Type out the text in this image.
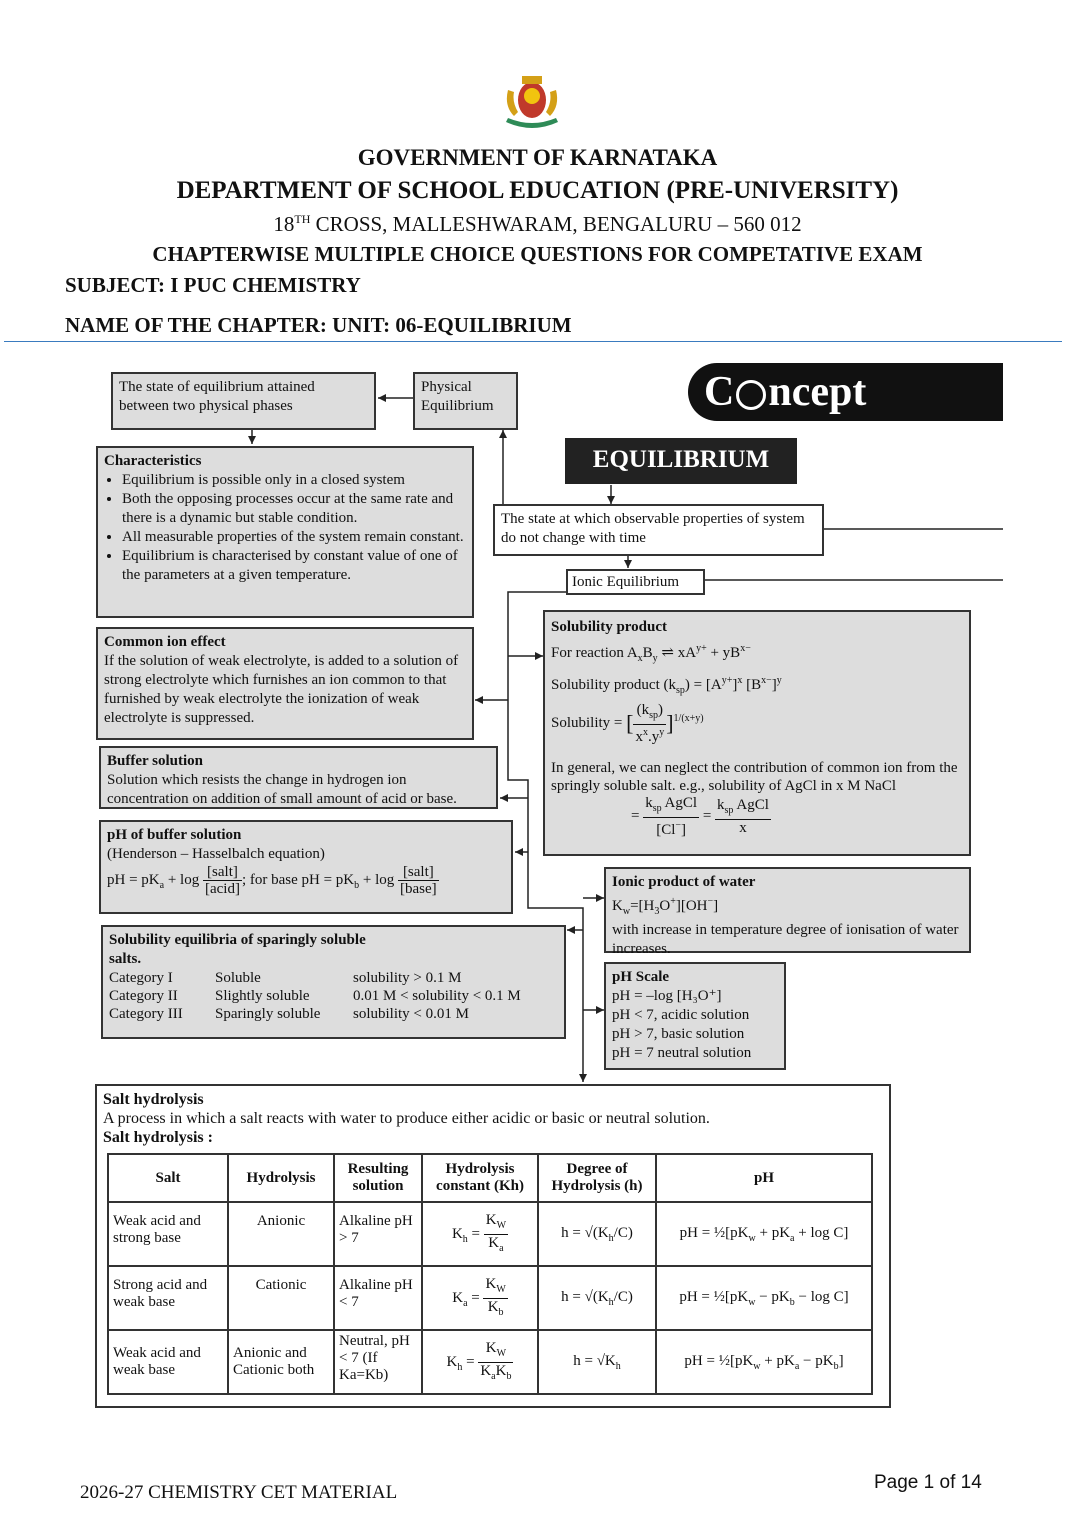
GOVERNMENT OF KARNATAKA
DEPARTMENT OF SCHOOL EDUCATION (PRE-UNIVERSITY)
18TH CROSS, MALLESHWARAM, BENGALURU – 560 012
CHAPTERWISE MULTIPLE CHOICE QUESTIONS FOR COMPETATIVE EXAM
SUBJECT: I PUC CHEMISTRY
NAME OF THE CHAPTER: UNIT: 06-EQUILIBRIUM
C ncept
EQUILIBRIUM
The state of equilibrium attained between two physical phases
Physical Equilibrium
The state at which observable properties of system do not change with time
Ionic Equilibrium
Characteristics
• Equilibrium is possible only in a closed system
• Both the opposing processes occur at the same rate and there is a dynamic but stable condition.
• All measurable properties of the system remain constant.
• Equilibrium is characterised by constant value of one of the parameters at a given temperature.
Common ion effect
If the solution of weak electrolyte, is added to a solution of strong electrolyte which furnishes an ion common to that furnished by weak electrolyte the ionization of weak electrolyte is suppressed.
Buffer solution
Solution which resists the change in hydrogen ion concentration on addition of small amount of acid or base.
pH of buffer solution
(Henderson – Hasselbalch equation)
pH = $pK_a + \log \frac{\text{[salt]}}{\text{[acid]}}$ ; for base pH = $pK_b + \log \frac{\text{[salt]}}{\text{[base]}}$
Solubility equilibria of sparingly soluble salts.
Category I	Soluble	solubility > 0.1 M
Category II	Slightly soluble	0.01 M < solubility < 0.1 M
Category III	Sparingly soluble	solubility < 0.01 M
Solubility product
For reaction $A_xB_y$ ⇌ $xA^{y+} + yB^{x-}$
Solubility product $(k_{sp}) = [A^{y+}]^x$ $[B^{x-}]^y$
Solubility = [ $\frac{(k_{sp})}{x^x.y^y} ]^{1/(x+y)}$
In general, we can neglect the contribution of common ion from the springly soluble salt. e.g., solubility of AgCl in x M NaCl
= $\frac{k_{sp} AgCl}{[Cl^-]} = \frac{k_{sp} AgCl}{x}$
Ionic product of water
$K_w=[H_3O^+][OH^-]$
with increase in temperature degree of ionisation of water increases.
pH Scale
pH = –log [H₃O⁺]
pH < 7, acidic solution
pH > 7, basic solution
pH = 7 neutral solution
Salt hydrolysis
A process in which a salt reacts with water to produce either acidic or basic or neutral solution.
Salt hydrolysis :
Salt	Hydrolysis	Resulting solution	Hydrolysis constant (Kh)	Degree of Hydrolysis (h)	pH
Weak acid and strong base	Anionic	Alkaline pH > 7	$K_h = \frac{K_W}{K_a}$	$h = √(K_h/C)$	pH = $\frac{1}{2}[pK_w + pK_a + \log C]$
Strong acid and weak base	Cationic	Alkaline pH < 7	$K_a = \frac{K_W}{K_b}$	$h = √(K_h/C)$	pH = $\frac{1}{2}[pK_w - pK_b - \log C]$
Weak acid and weak base	Anionic and Cationic both	Neutral, pH < 7 (If Ka=Kb)	$K_h = \frac{K_W}{K_aK_b}$	$h = √K_h$	pH = $\frac{1}{2}[pK_w + pK_a - pK_b]$
2026-27 CHEMISTRY CET MATERIAL	Page 1 of 14
